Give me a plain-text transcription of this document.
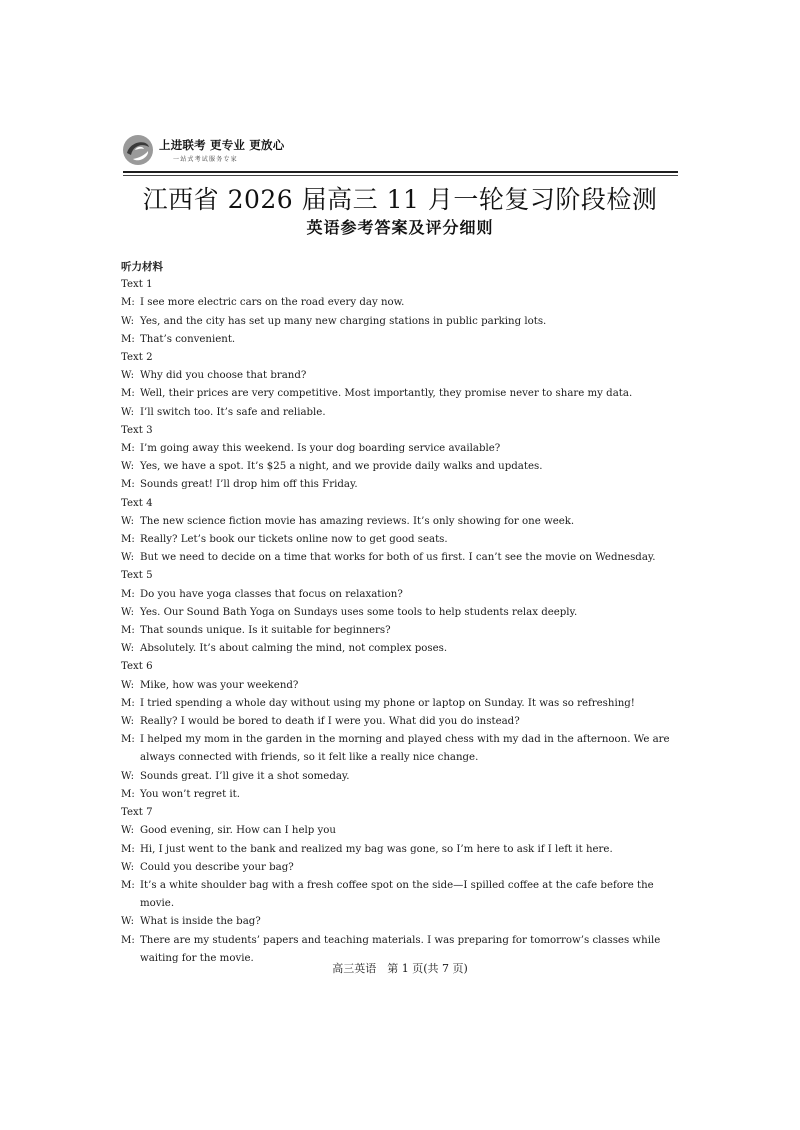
上进联考 更专业 更放心
一站式考试服务专家
江西省 2026 届高三 11 月一轮复习阶段检测
英语参考答案及评分细则
听力材料
Text 1
M: I see more electric cars on the road every day now.
W: Yes, and the city has set up many new charging stations in public parking lots.
M: That’s convenient.
Text 2
W: Why did you choose that brand?
M: Well, their prices are very competitive. Most importantly, they promise never to share my data.
W: I’ll switch too. It’s safe and reliable.
Text 3
M: I’m going away this weekend. Is your dog boarding service available?
W: Yes, we have a spot. It’s $25 a night, and we provide daily walks and updates.
M: Sounds great! I’ll drop him off this Friday.
Text 4
W: The new science fiction movie has amazing reviews. It’s only showing for one week.
M: Really? Let’s book our tickets online now to get good seats.
W: But we need to decide on a time that works for both of us first. I can’t see the movie on Wednesday.
Text 5
M: Do you have yoga classes that focus on relaxation?
W: Yes. Our Sound Bath Yoga on Sundays uses some tools to help students relax deeply.
M: That sounds unique. Is it suitable for beginners?
W: Absolutely. It’s about calming the mind, not complex poses.
Text 6
W: Mike, how was your weekend?
M: I tried spending a whole day without using my phone or laptop on Sunday. It was so refreshing!
W: Really? I would be bored to death if I were you. What did you do instead?
M: I helped my mom in the garden in the morning and played chess with my dad in the afternoon. We are always connected with friends, so it felt like a really nice change.
W: Sounds great. I’ll give it a shot someday.
M: You won’t regret it.
Text 7
W: Good evening, sir. How can I help you
M: Hi, I just went to the bank and realized my bag was gone, so I’m here to ask if I left it here.
W: Could you describe your bag?
M: It’s a white shoulder bag with a fresh coffee spot on the side—I spilled coffee at the cafe before the movie.
W: What is inside the bag?
M: There are my students’ papers and teaching materials. I was preparing for tomorrow’s classes while waiting for the movie.
高三英语　第 1 页(共 7 页)
